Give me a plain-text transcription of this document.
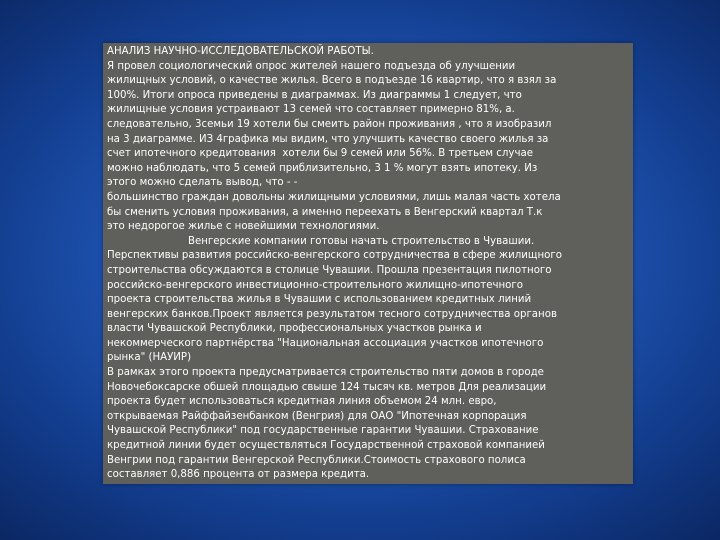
АНАЛИЗ НАУЧНО-ИССЛЕДОВАТЕЛЬСКОЙ РАБОТЫ.
Я провел социологический опрос жителей нашего подъезда об улучшении
жилищных условий, о качестве жилья. Всего в подъезде 16 квартир, что я взял за
100%. Итоги опроса приведены в диаграммах. Из диаграммы 1 следует, что
жилищные условия устраивают 13 семей что составляет примерно 81%, а.
следовательно, 3семьи 19 хотели бы смеить район проживания , что я изобразил
на 3 диаграмме. ИЗ 4графика мы видим, что улучшить качество своего жилья за
счет ипотечного кредитования  хотели бы 9 семей или 56%. В третьем случае
можно наблюдать, что 5 семей приблизительно, 3 1 % могут взять ипотеку. Из
этого можно сделать вывод, что - -
большинство граждан довольны жилищными условиями, лишь малая часть хотела
бы сменить условия проживания, а именно переехать в Венгерский квартал Т.к
это недорогое жилье с новейшими технологиями.
Венгерские компании готовы начать строительство в Чувашии.
Перспективы развития российско-венгерского сотрудничества в сфере жилищного
строительства обсуждаются в столице Чувашии. Прошла презентация пилотного
российско-венгерского инвестиционно-строительного жилищно-ипотечного
проекта строительства жилья в Чувашии с использованием кредитных линий
венгерских банков.Проект является результатом тесного сотрудничества органов
власти Чувашской Республики, профессиональных участков рынка и
некоммерческого партнёрства "Национальная ассоциация участков ипотечного
рынка" (НАУИР)
В рамках этого проекта предусматривается строительство пяти домов в городе
Новочебоксарске обшей площадью свыше 124 тысяч кв. метров Для реализации
проекта будет использоваться кредитная линия объемом 24 млн. евро,
открываемая Райффайзенбанком (Венгрия) для ОАО "Ипотечная корпорация
Чувашской Республики" под государственные гарантии Чувашии. Страхование
кредитной линии будет осуществляться Государственной страховой компанией
Венгрии под гарантии Венгерской Республики.Стоимость страхового полиса
составляет 0,886 процента от размера кредита.
